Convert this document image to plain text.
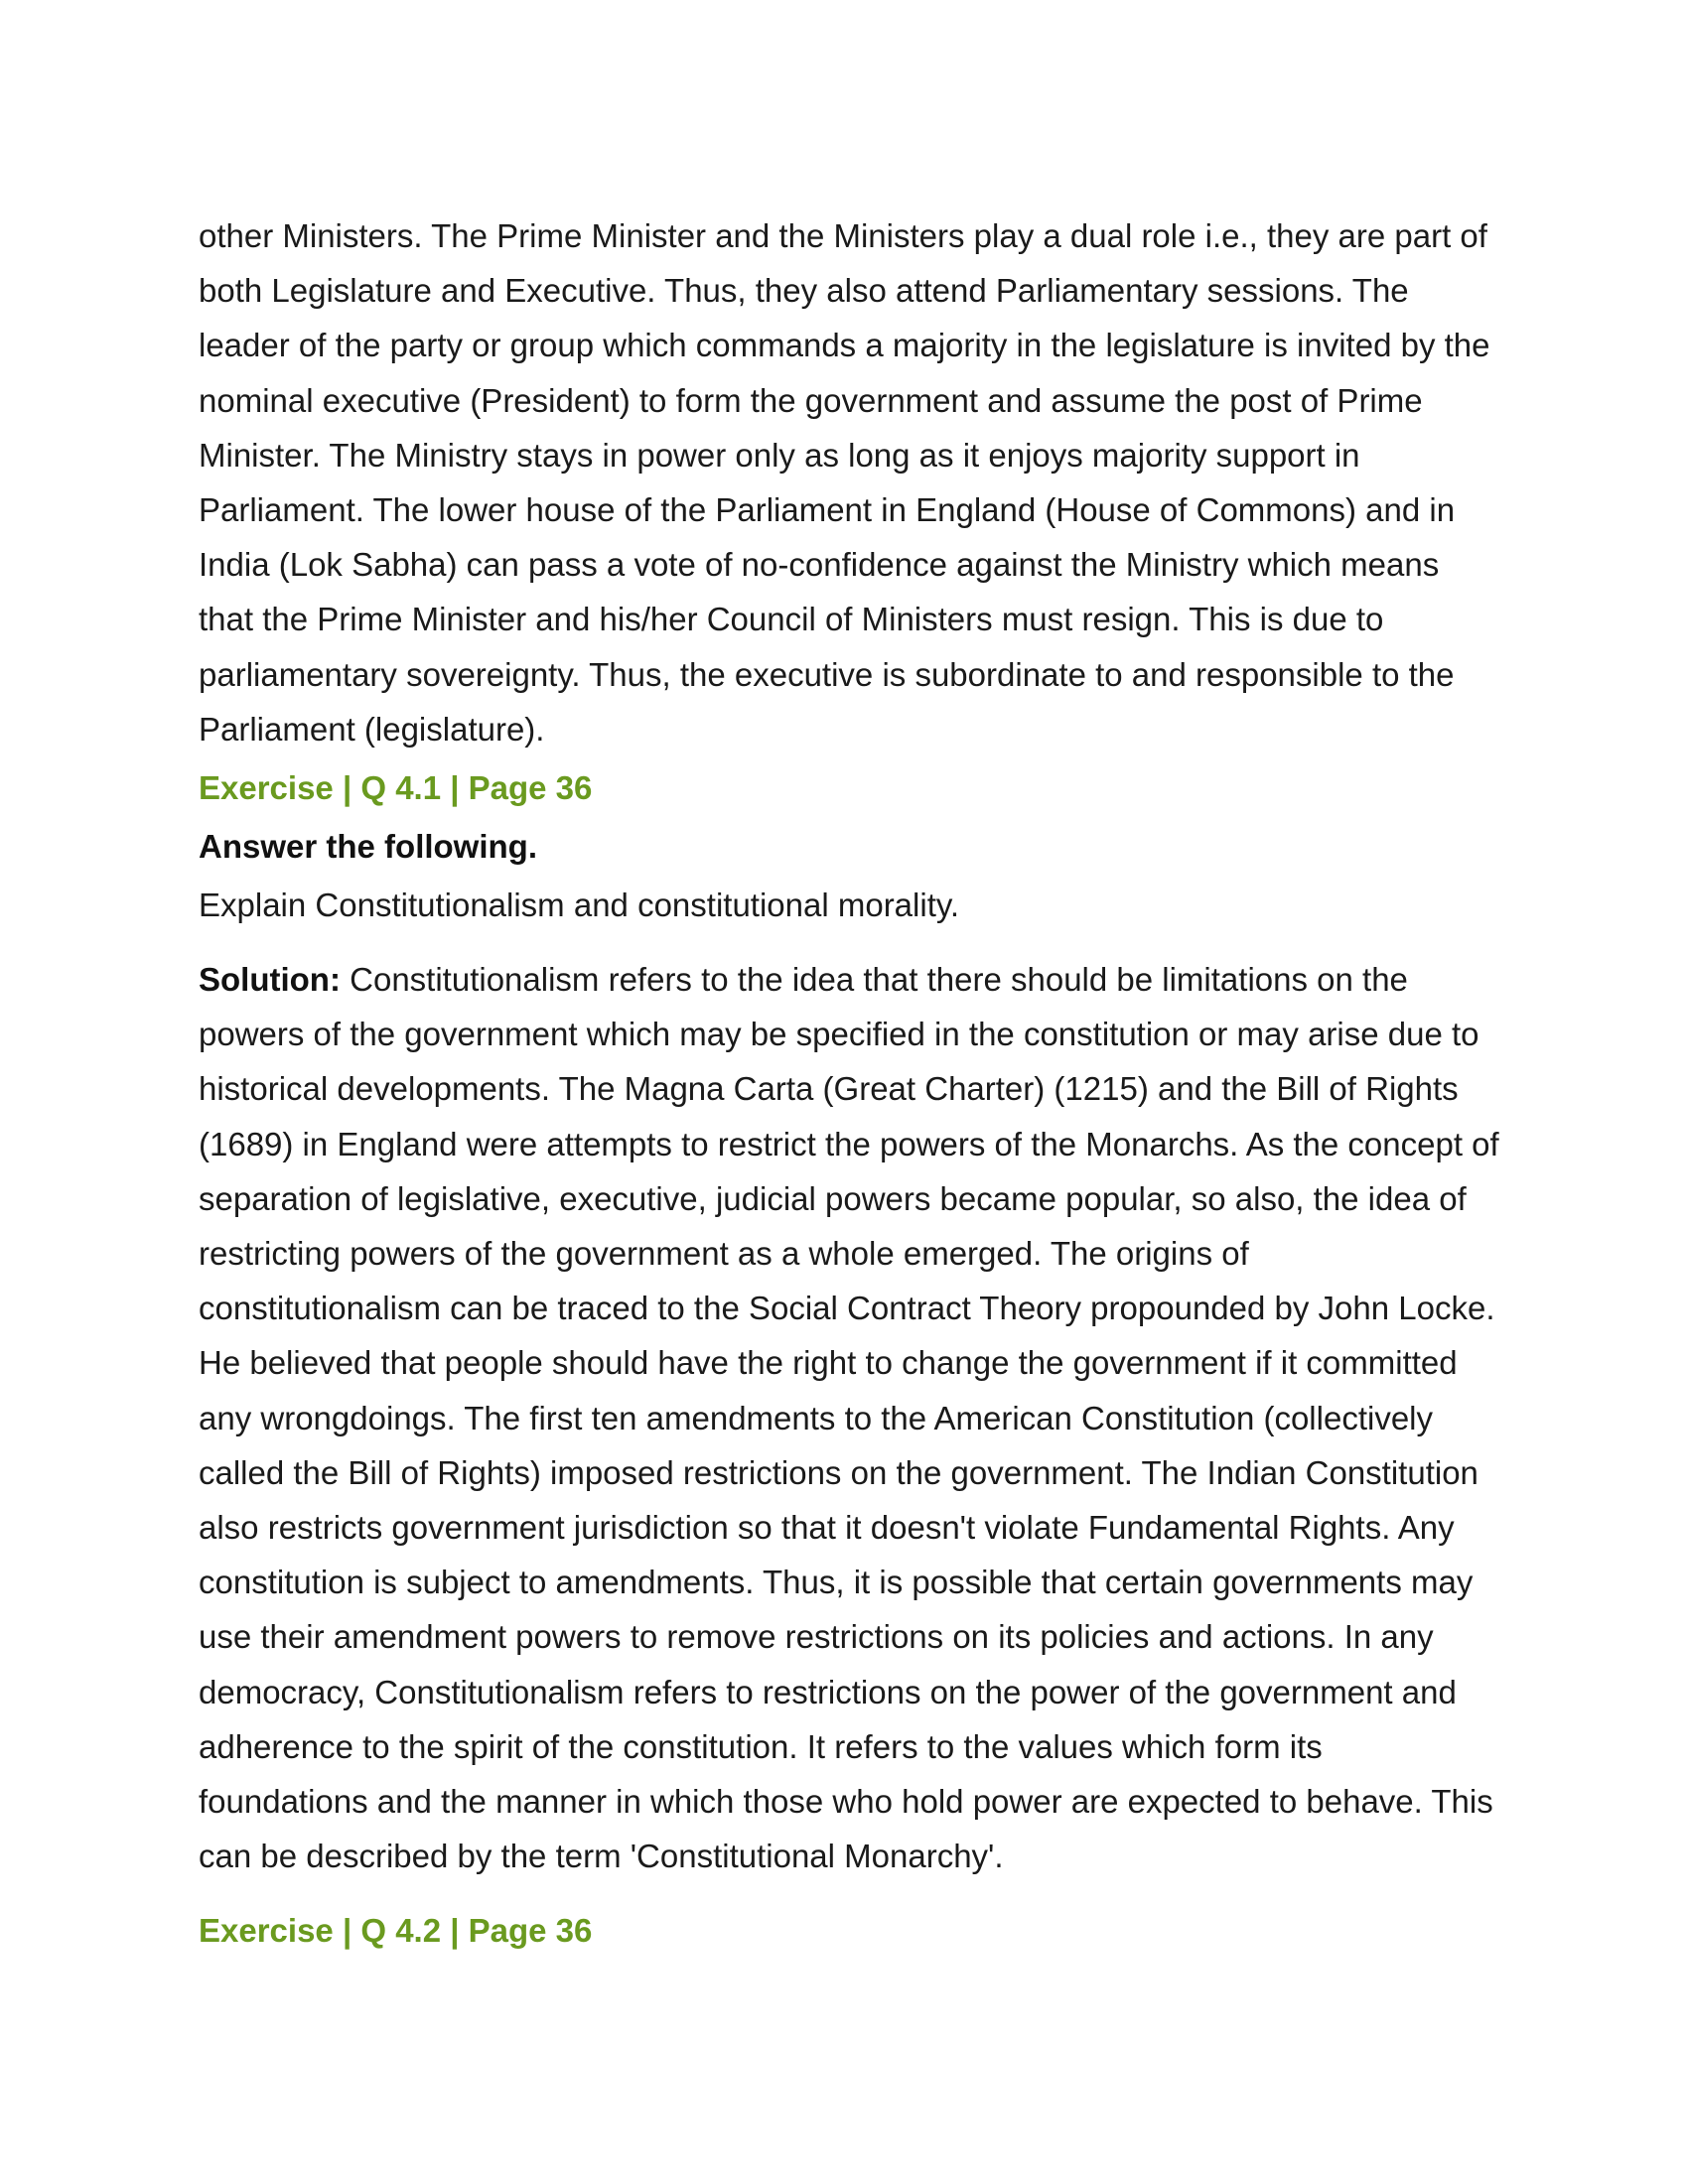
other Ministers. The Prime Minister and the Ministers play a dual role i.e., they are part of both Legislature and Executive. Thus, they also attend Parliamentary sessions. The leader of the party or group which commands a majority in the legislature is invited by the nominal executive (President) to form the government and assume the post of Prime Minister. The Ministry stays in power only as long as it enjoys majority support in Parliament. The lower house of the Parliament in England (House of Commons) and in India (Lok Sabha) can pass a vote of no-confidence against the Ministry which means that the Prime Minister and his/her Council of Ministers must resign. This is due to parliamentary sovereignty. Thus, the executive is subordinate to and responsible to the Parliament (legislature).

Exercise | Q 4.1 | Page 36

Answer the following.

Explain Constitutionalism and constitutional morality.

Solution: Constitutionalism refers to the idea that there should be limitations on the powers of the government which may be specified in the constitution or may arise due to historical developments. The Magna Carta (Great Charter) (1215) and the Bill of Rights (1689) in England were attempts to restrict the powers of the Monarchs. As the concept of separation of legislative, executive, judicial powers became popular, so also, the idea of restricting powers of the government as a whole emerged. The origins of constitutionalism can be traced to the Social Contract Theory propounded by John Locke. He believed that people should have the right to change the government if it committed any wrongdoings. The first ten amendments to the American Constitution (collectively called the Bill of Rights) imposed restrictions on the government. The Indian Constitution also restricts government jurisdiction so that it doesn't violate Fundamental Rights. Any constitution is subject to amendments. Thus, it is possible that certain governments may use their amendment powers to remove restrictions on its policies and actions. In any democracy, Constitutionalism refers to restrictions on the power of the government and adherence to the spirit of the constitution. It refers to the values which form its foundations and the manner in which those who hold power are expected to behave. This can be described by the term 'Constitutional Monarchy'.

Exercise | Q 4.2 | Page 36
